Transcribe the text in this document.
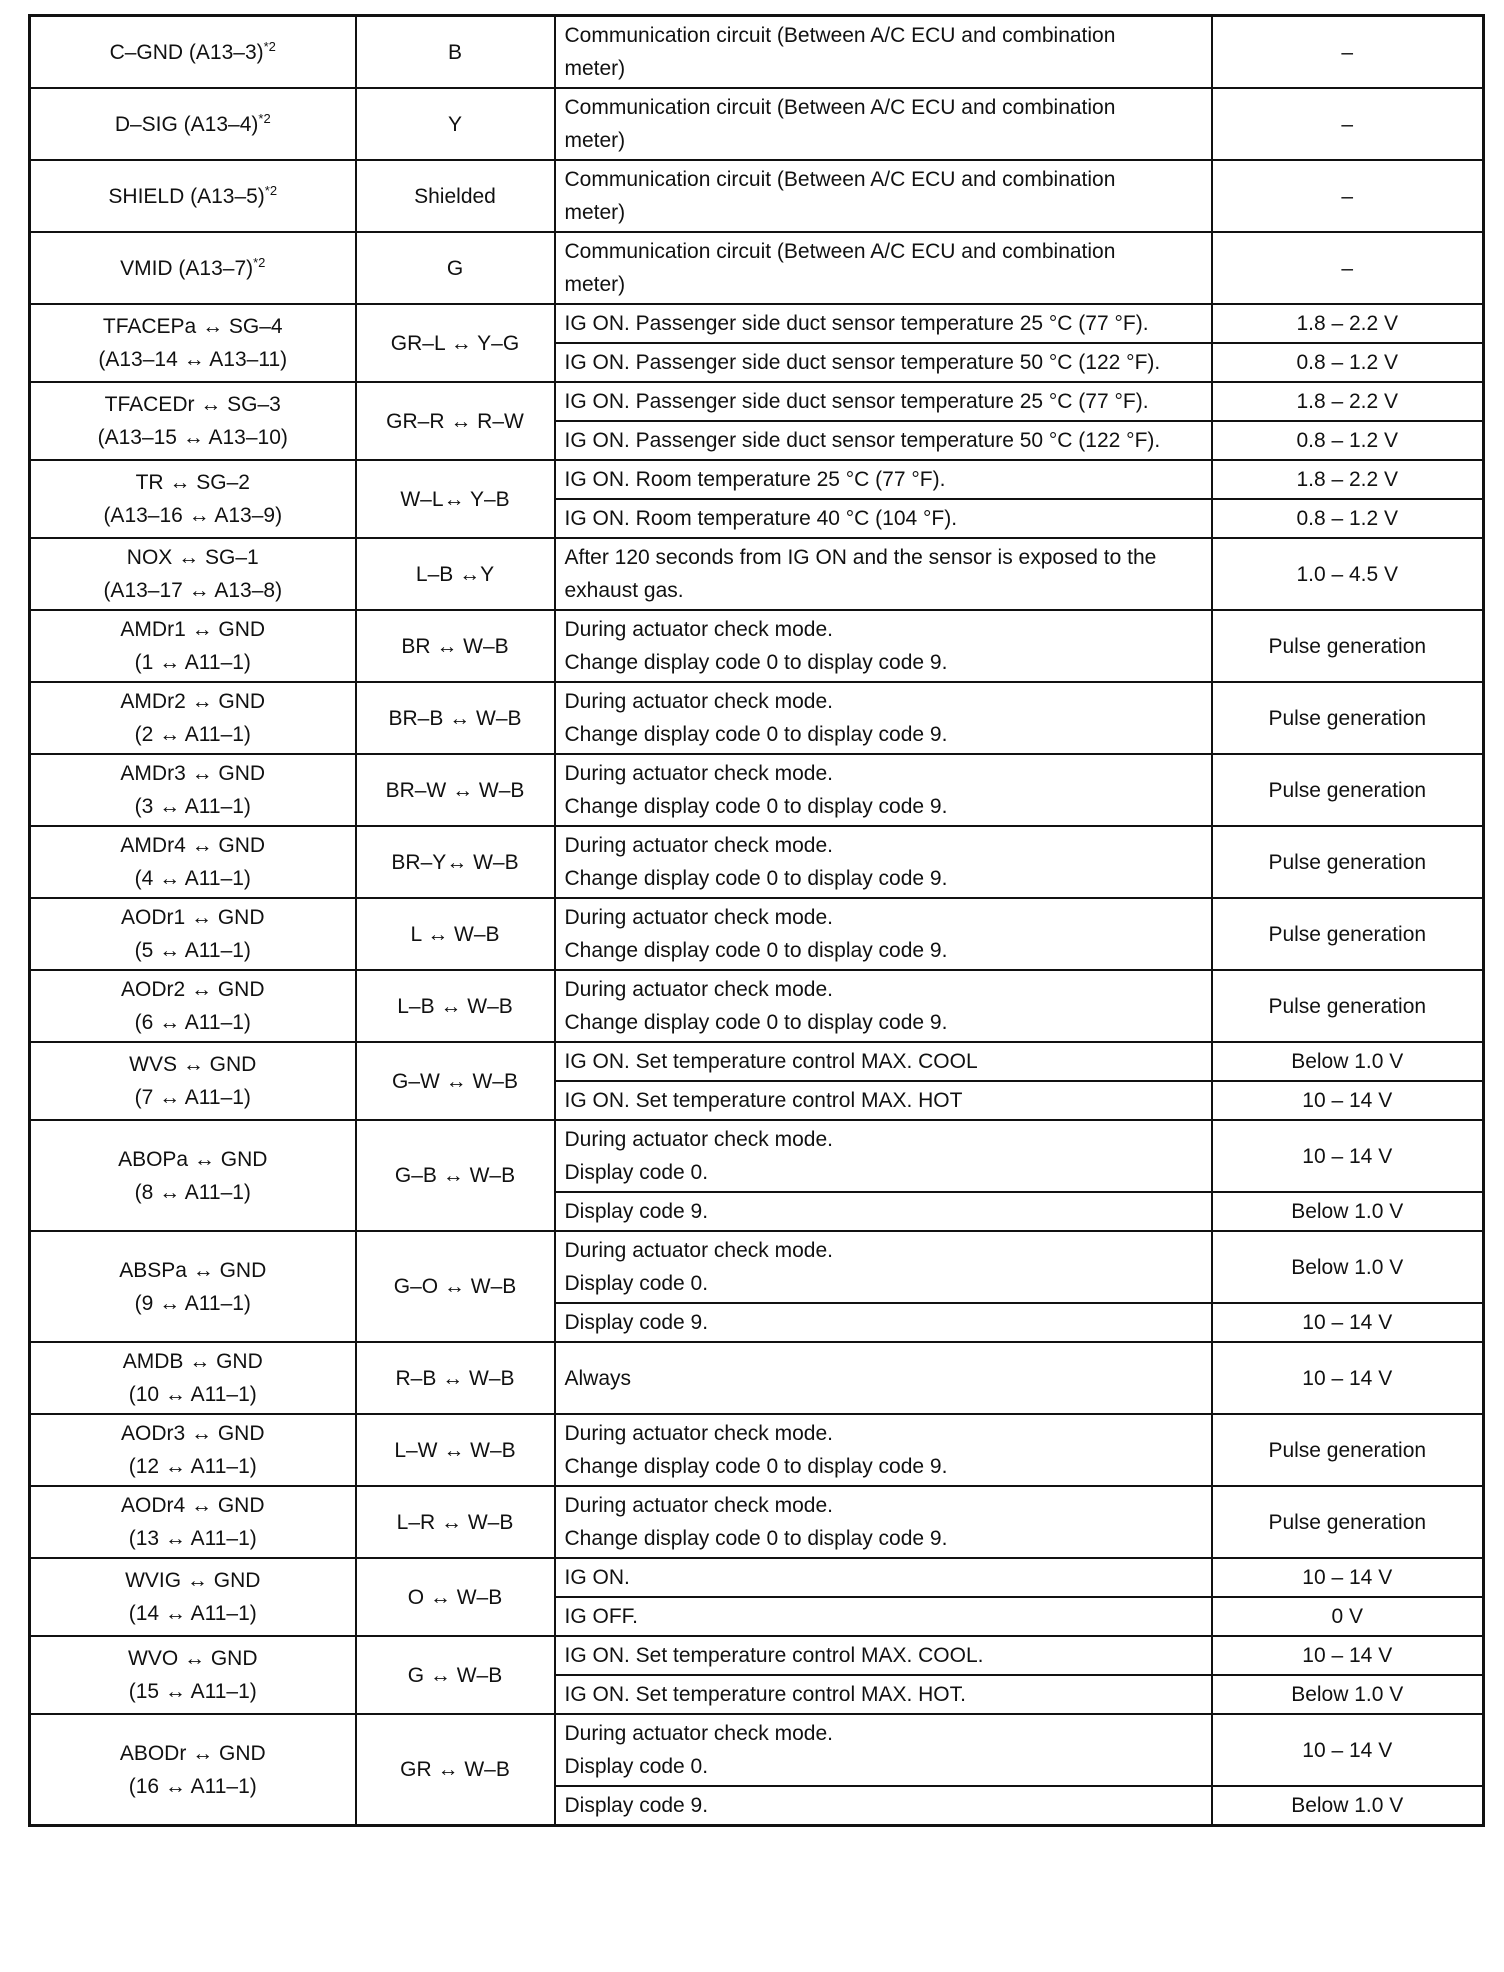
C–GND $(A13-3)^{*2}$	B	Communication circuit (Between A/C ECU and combination
meter)	–

D–SIG $(A13-4)^{*2}$	Y	Communication circuit (Between A/C ECU and combination
meter)	–

SHIELD $(A13-5)^{*2}$	Shielded	Communication circuit (Between A/C ECU and combination
meter)	–

VMID $(A13-7)^{*2}$	G	Communication circuit (Between A/C ECU and combination
meter)	–

TFACEPa ↔ SG–4
(A13–14 ↔ A13–11)	GR–L ↔ Y–G	IG ON. Passenger side duct sensor temperature 25 °C (77 °F).	1.8 – 2.2 V

		IG ON. Passenger side duct sensor temperature 50 °C (122 °F).	0.8 – 1.2 V

TFACEDr ↔ SG–3
(A13–15 ↔ A13–10)	GR–R ↔ R–W	IG ON. Passenger side duct sensor temperature 25 °C (77 °F).	1.8 – 2.2 V

		IG ON. Passenger side duct sensor temperature 50 °C (122 °F).	0.8 – 1.2 V

TR ↔ SG–2
(A13–16 ↔ A13–9)	W–L↔ Y–B	IG ON. Room temperature 25 °C (77 °F).	1.8 – 2.2 V

		IG ON. Room temperature 40 °C (104 °F).	0.8 – 1.2 V

NOX ↔ SG–1
(A13–17 ↔ A13–8)	L–B ↔Y	After 120 seconds from IG ON and the sensor is exposed to the
exhaust gas.	1.0 – 4.5 V

AMDr1 ↔ GND
(1 ↔ A11–1)	BR ↔ W–B	During actuator check mode.
Change display code 0 to display code 9.	Pulse generation

AMDr2 ↔ GND
(2 ↔ A11–1)	BR–B ↔ W–B	During actuator check mode.
Change display code 0 to display code 9.	Pulse generation

AMDr3 ↔ GND
(3 ↔ A11–1)	BR–W ↔ W–B	During actuator check mode.
Change display code 0 to display code 9.	Pulse generation

AMDr4 ↔ GND
(4 ↔ A11–1)	BR–Y↔ W–B	During actuator check mode.
Change display code 0 to display code 9.	Pulse generation

AODr1 ↔ GND
(5 ↔ A11–1)	L ↔ W–B	During actuator check mode.
Change display code 0 to display code 9.	Pulse generation

AODr2 ↔ GND
(6 ↔ A11–1)	L–B ↔ W–B	During actuator check mode.
Change display code 0 to display code 9.	Pulse generation

WVS ↔ GND
(7 ↔ A11–1)	G–W ↔ W–B	IG ON. Set temperature control MAX. COOL	Below 1.0 V

		IG ON. Set temperature control MAX. HOT	10 – 14 V

ABOPa ↔ GND
(8 ↔ A11–1)	G–B ↔ W–B	During actuator check mode.
Display code 0.	10 – 14 V

		Display code 9.	Below 1.0 V

ABSPa ↔ GND
(9 ↔ A11–1)	G–O ↔ W–B	During actuator check mode.
Display code 0.	Below 1.0 V

		Display code 9.	10 – 14 V

AMDB ↔ GND
(10 ↔ A11–1)	R–B ↔ W–B	Always	10 – 14 V

AODr3 ↔ GND
(12 ↔ A11–1)	L–W ↔ W–B	During actuator check mode.
Change display code 0 to display code 9.	Pulse generation

AODr4 ↔ GND
(13 ↔ A11–1)	L–R ↔ W–B	During actuator check mode.
Change display code 0 to display code 9.	Pulse generation

WVIG ↔ GND
(14 ↔ A11–1)	O ↔ W–B	IG ON.	10 – 14 V

		IG OFF.	0 V

WVO ↔ GND
(15 ↔ A11–1)	G ↔ W–B	IG ON. Set temperature control MAX. COOL.	10 – 14 V

		IG ON. Set temperature control MAX. HOT.	Below 1.0 V

ABODr ↔ GND
(16 ↔ A11–1)	GR ↔ W–B	During actuator check mode.
Display code 0.	10 – 14 V

		Display code 9.	Below 1.0 V
